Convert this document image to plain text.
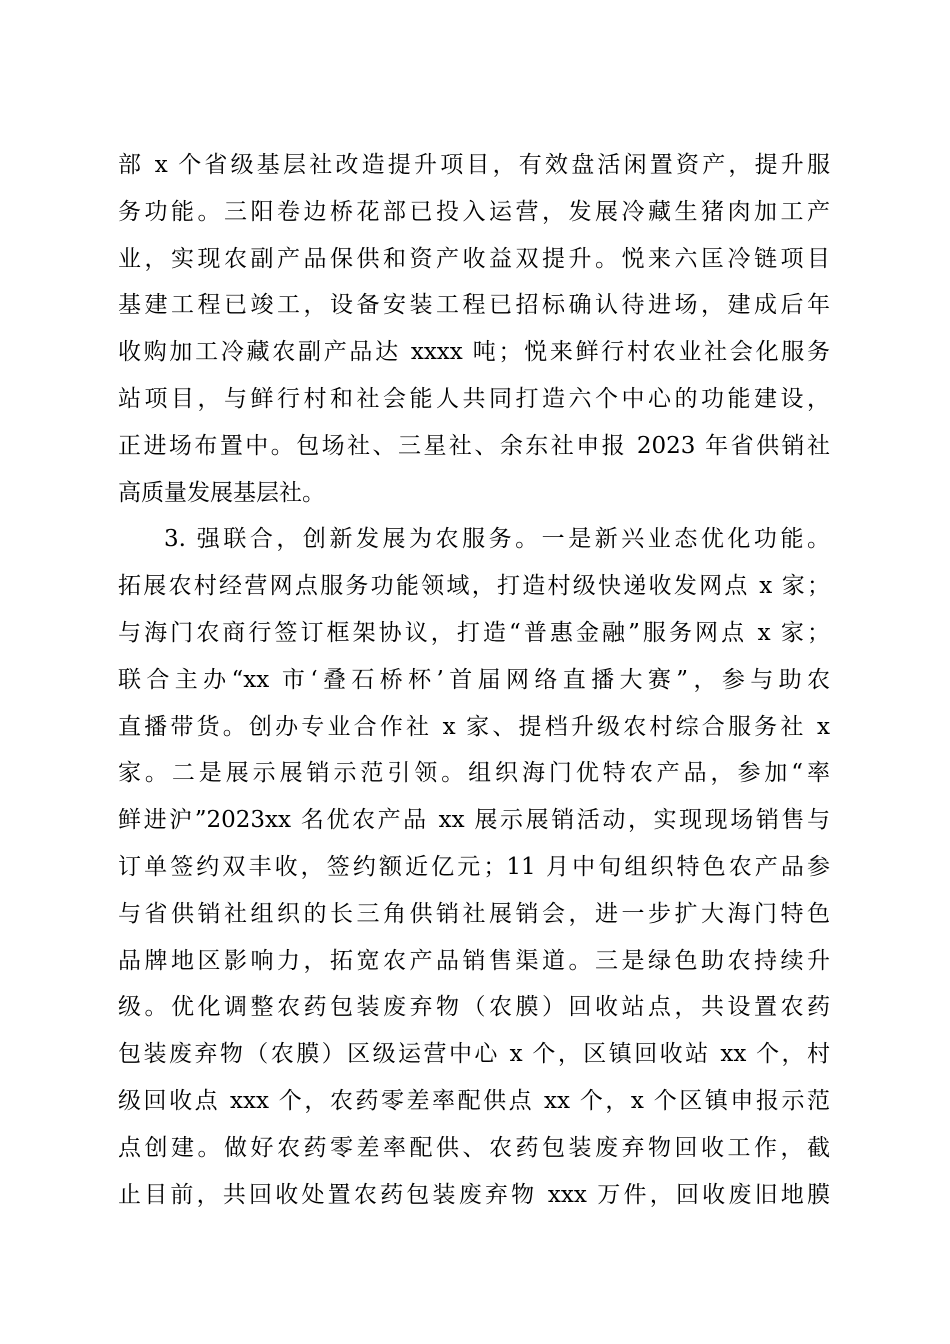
部 x 个省级基层社改造提升项目，有效盘活闲置资产，提升服
务功能。三阳卷边桥花部已投入运营，发展冷藏生猪肉加工产
业，实现农副产品保供和资产收益双提升。悦来六匡冷链项目
基建工程已竣工，设备安装工程已招标确认待进场，建成后年
收购加工冷藏农副产品达 xxxx 吨；悦来鲜行村农业社会化服务
站项目，与鲜行村和社会能人共同打造六个中心的功能建设，
正进场布置中。包场社、三星社、余东社申报 2023 年省供销社
高质量发展基层社。
3. 强联合，创新发展为农服务。一是新兴业态优化功能。
拓展农村经营网点服务功能领域，打造村级快递收发网点 x 家；
与海门农商行签订框架协议，打造“普惠金融”服务网点 x 家；
联合主办“xx 市‘叠石桥杯’首届网络直播大赛”，参与助农
直播带货。创办专业合作社 x 家、提档升级农村综合服务社 x
家。二是展示展销示范引领。组织海门优特农产品，参加“率
鲜进沪”2023xx 名优农产品 xx 展示展销活动，实现现场销售与
订单签约双丰收，签约额近亿元；11 月中旬组织特色农产品参
与省供销社组织的长三角供销社展销会，进一步扩大海门特色
品牌地区影响力，拓宽农产品销售渠道。三是绿色助农持续升
级。优化调整农药包装废弃物（农膜）回收站点，共设置农药
包装废弃物（农膜）区级运营中心 x 个，区镇回收站 xx 个，村
级回收点 xxx 个，农药零差率配供点 xx 个，x 个区镇申报示范
点创建。做好农药零差率配供、农药包装废弃物回收工作，截
止目前，共回收处置农药包装废弃物 xxx 万件，回收废旧地膜
